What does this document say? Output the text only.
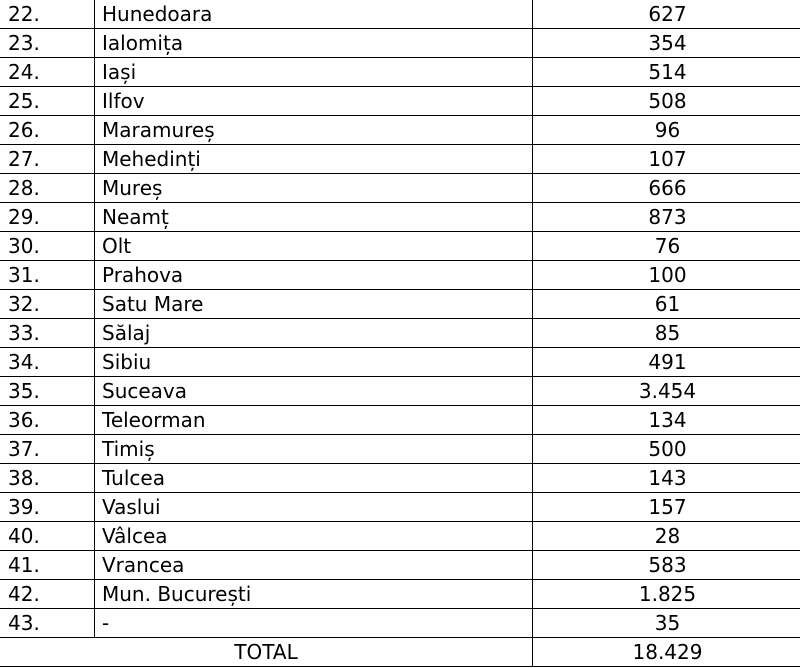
22.	Hunedoara	627
23.	Ialomița	354
24.	Iași	514
25.	Ilfov	508
26.	Maramureș	96
27.	Mehedinți	107
28.	Mureș	666
29.	Neamț	873
30.	Olt	76
31.	Prahova	100
32.	Satu Mare	61
33.	Sălaj	85
34.	Sibiu	491
35.	Suceava	3.454
36.	Teleorman	134
37.	Timiș	500
38.	Tulcea	143
39.	Vaslui	157
40.	Vâlcea	28
41.	Vrancea	583
42.	Mun. București	1.825
43.	-	35
TOTAL		18.429
